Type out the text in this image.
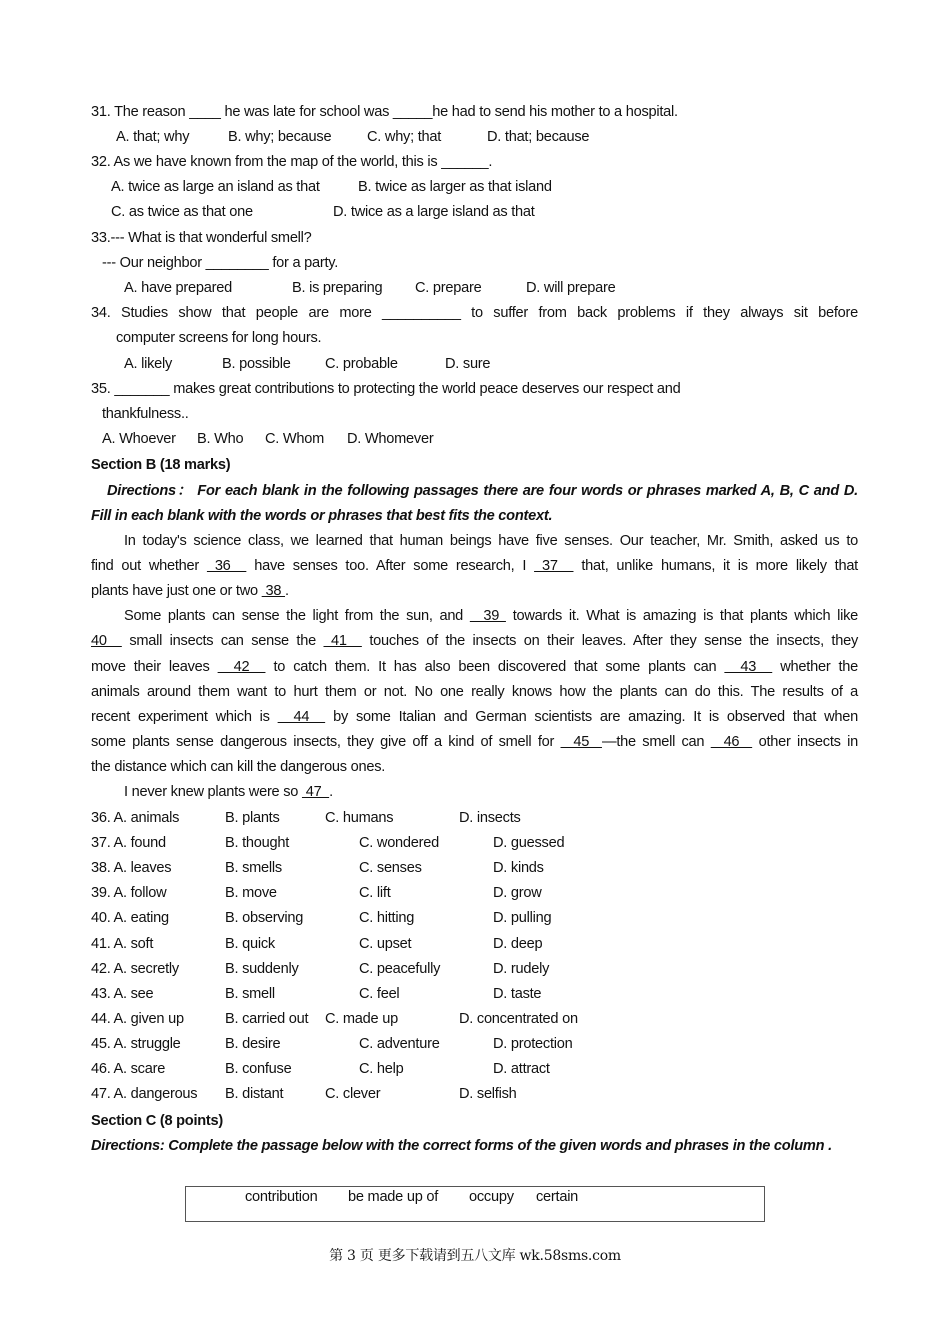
31. The reason ____ he was late for school was _____he had to send his mother to a hospital.
A. that; why	B. why; because C. why; that	D. that; because
32. As we have known from the map of the world, this is ______.
A. twice as large an island as that	B. twice as larger as that island
C. as twice as that one	D. twice as a large island as that
33.--- What is that wonderful smell?
--- Our neighbor ________ for a party.
A. have prepared	B. is preparing C. prepare	D. will prepare
34. Studies show that people are more __________ to suffer from back problems if they always sit before
computer screens for long hours.
A. likely	B. possible C. probable	D. sure
35. _______ makes great contributions to protecting the world peace deserves our respect and
thankfulness..
A. Whoever B. Who C. Whom D. Whomever
Section B (18 marks)
Directions： For each blank in the following passages there are four words or phrases marked A, B, C and D.
Fill in each blank with the words or phrases that best fits the context.
In today's science class, we learned that human beings have five senses. Our teacher, Mr. Smith, asked us to
find out whether  36   have senses too. After some research, I  37   that, unlike humans, it is more likely that
plants have just one or two  38 .
Some plants can sense the light from the sun, and   39  towards it. What is amazing is that plants which like
40   small insects can sense the  41   touches of the insects on their leaves. After they sense the insects, they
move their leaves   42   to catch them. It has also been discovered that some plants can   43   whether the
animals around them want to hurt them or not. No one really knows how the plants can do this. The results of a
recent experiment which is   44   by some Italian and German scientists are amazing. It is observed that when
some plants sense dangerous insects, they give off a kind of smell for   45  —the smell can   46   other insects in
the distance which can kill the dangerous ones.
I never knew plants were so  47  .
36. A. animals	B. plants	C. humans	D. insects
37. A. found	B. thought	C. wondered	D. guessed
38. A. leaves	B. smells	C. senses	D. kinds
39. A. follow	B. move	C. lift	D. grow
40. A. eating	B. observing	C. hitting	D. pulling
41. A. soft	B. quick	C. upset	D. deep
42. A. secretly	B. suddenly	C. peacefully	D. rudely
43. A. see	B. smell	C. feel	D. taste
44. A. given up	B. carried out C. made up	D. concentrated on
45. A. struggle	B. desire	C. adventure	D. protection
46. A. scare	B. confuse	C. help	D. attract
47. A. dangerous B. distant	C. clever	D. selfish
Section C (8 points)
Directions: Complete the passage below with the correct forms of the given words and phrases in the column .
contribution be made up of occupy certain
第 3 页 更多下载请到五八文库 wk.58sms.com
